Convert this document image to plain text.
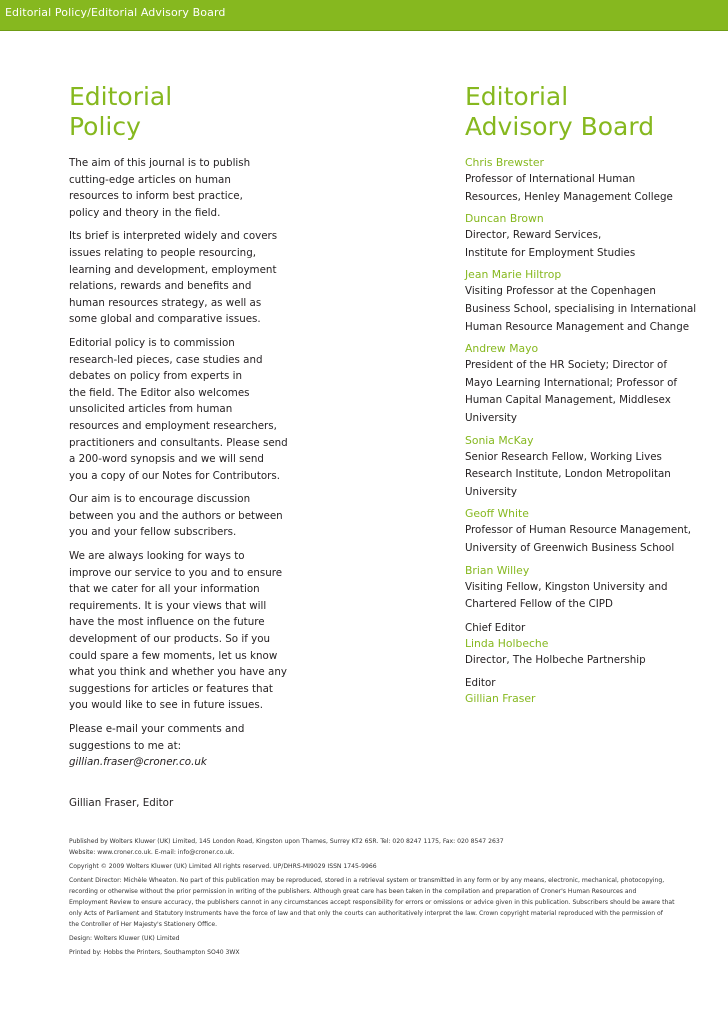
Editorial Policy/Editorial Advisory Board
Editorial
Policy

The aim of this journal is to publish
cutting-edge articles on human
resources to inform best practice,
policy and theory in the field.

Its brief is interpreted widely and covers
issues relating to people resourcing,
learning and development, employment
relations, rewards and benefits and
human resources strategy, as well as
some global and comparative issues.

Editorial policy is to commission
research-led pieces, case studies and
debates on policy from experts in
the field. The Editor also welcomes
unsolicited articles from human
resources and employment researchers,
practitioners and consultants. Please send
a 200-word synopsis and we will send
you a copy of our Notes for Contributors.

Our aim is to encourage discussion
between you and the authors or between
you and your fellow subscribers.

We are always looking for ways to
improve our service to you and to ensure
that we cater for all your information
requirements. It is your views that will
have the most influence on the future
development of our products. So if you
could spare a few moments, let us know
what you think and whether you have any
suggestions for articles or features that
you would like to see in future issues.

Please e-mail your comments and
suggestions to me at:
gillian.fraser@croner.co.uk

Gillian Fraser, Editor
Editorial
Advisory Board
Chris Brewster
Professor of International Human
Resources, Henley Management College
Duncan Brown
Director, Reward Services,
Institute for Employment Studies
Jean Marie Hiltrop
Visiting Professor at the Copenhagen
Business School, specialising in International
Human Resource Management and Change
Andrew Mayo
President of the HR Society; Director of
Mayo Learning International; Professor of
Human Capital Management, Middlesex
University
Sonia McKay
Senior Research Fellow, Working Lives
Research Institute, London Metropolitan
University
Geoff White
Professor of Human Resource Management,
University of Greenwich Business School
Brian Willey
Visiting Fellow, Kingston University and
Chartered Fellow of the CIPD
Chief Editor
Linda Holbeche
Director, The Holbeche Partnership
Editor
Gillian Fraser

Published by Wolters Kluwer (UK) Limited, 145 London Road, Kingston upon Thames, Surrey KT2 6SR. Tel: 020 8247 1175, Fax: 020 8547 2637
Website: www.croner.co.uk. E-mail: info@croner.co.uk.

Copyright © 2009 Wolters Kluwer (UK) Limited All rights reserved. UP/DHRS-MI9029 ISSN 1745-9966

Content Director: Michèle Wheaton. No part of this publication may be reproduced, stored in a retrieval system or transmitted in any form or by any means, electronic, mechanical, photocopying,
recording or otherwise without the prior permission in writing of the publishers. Although great care has been taken in the compilation and preparation of Croner's Human Resources and
Employment Review to ensure accuracy, the publishers cannot in any circumstances accept responsibility for errors or omissions or advice given in this publication. Subscribers should be aware that
only Acts of Parliament and Statutory Instruments have the force of law and that only the courts can authoritatively interpret the law. Crown copyright material reproduced with the permission of
the Controller of Her Majesty's Stationery Office.

Design: Wolters Kluwer (UK) Limited

Printed by: Hobbs the Printers, Southampton SO40 3WX
